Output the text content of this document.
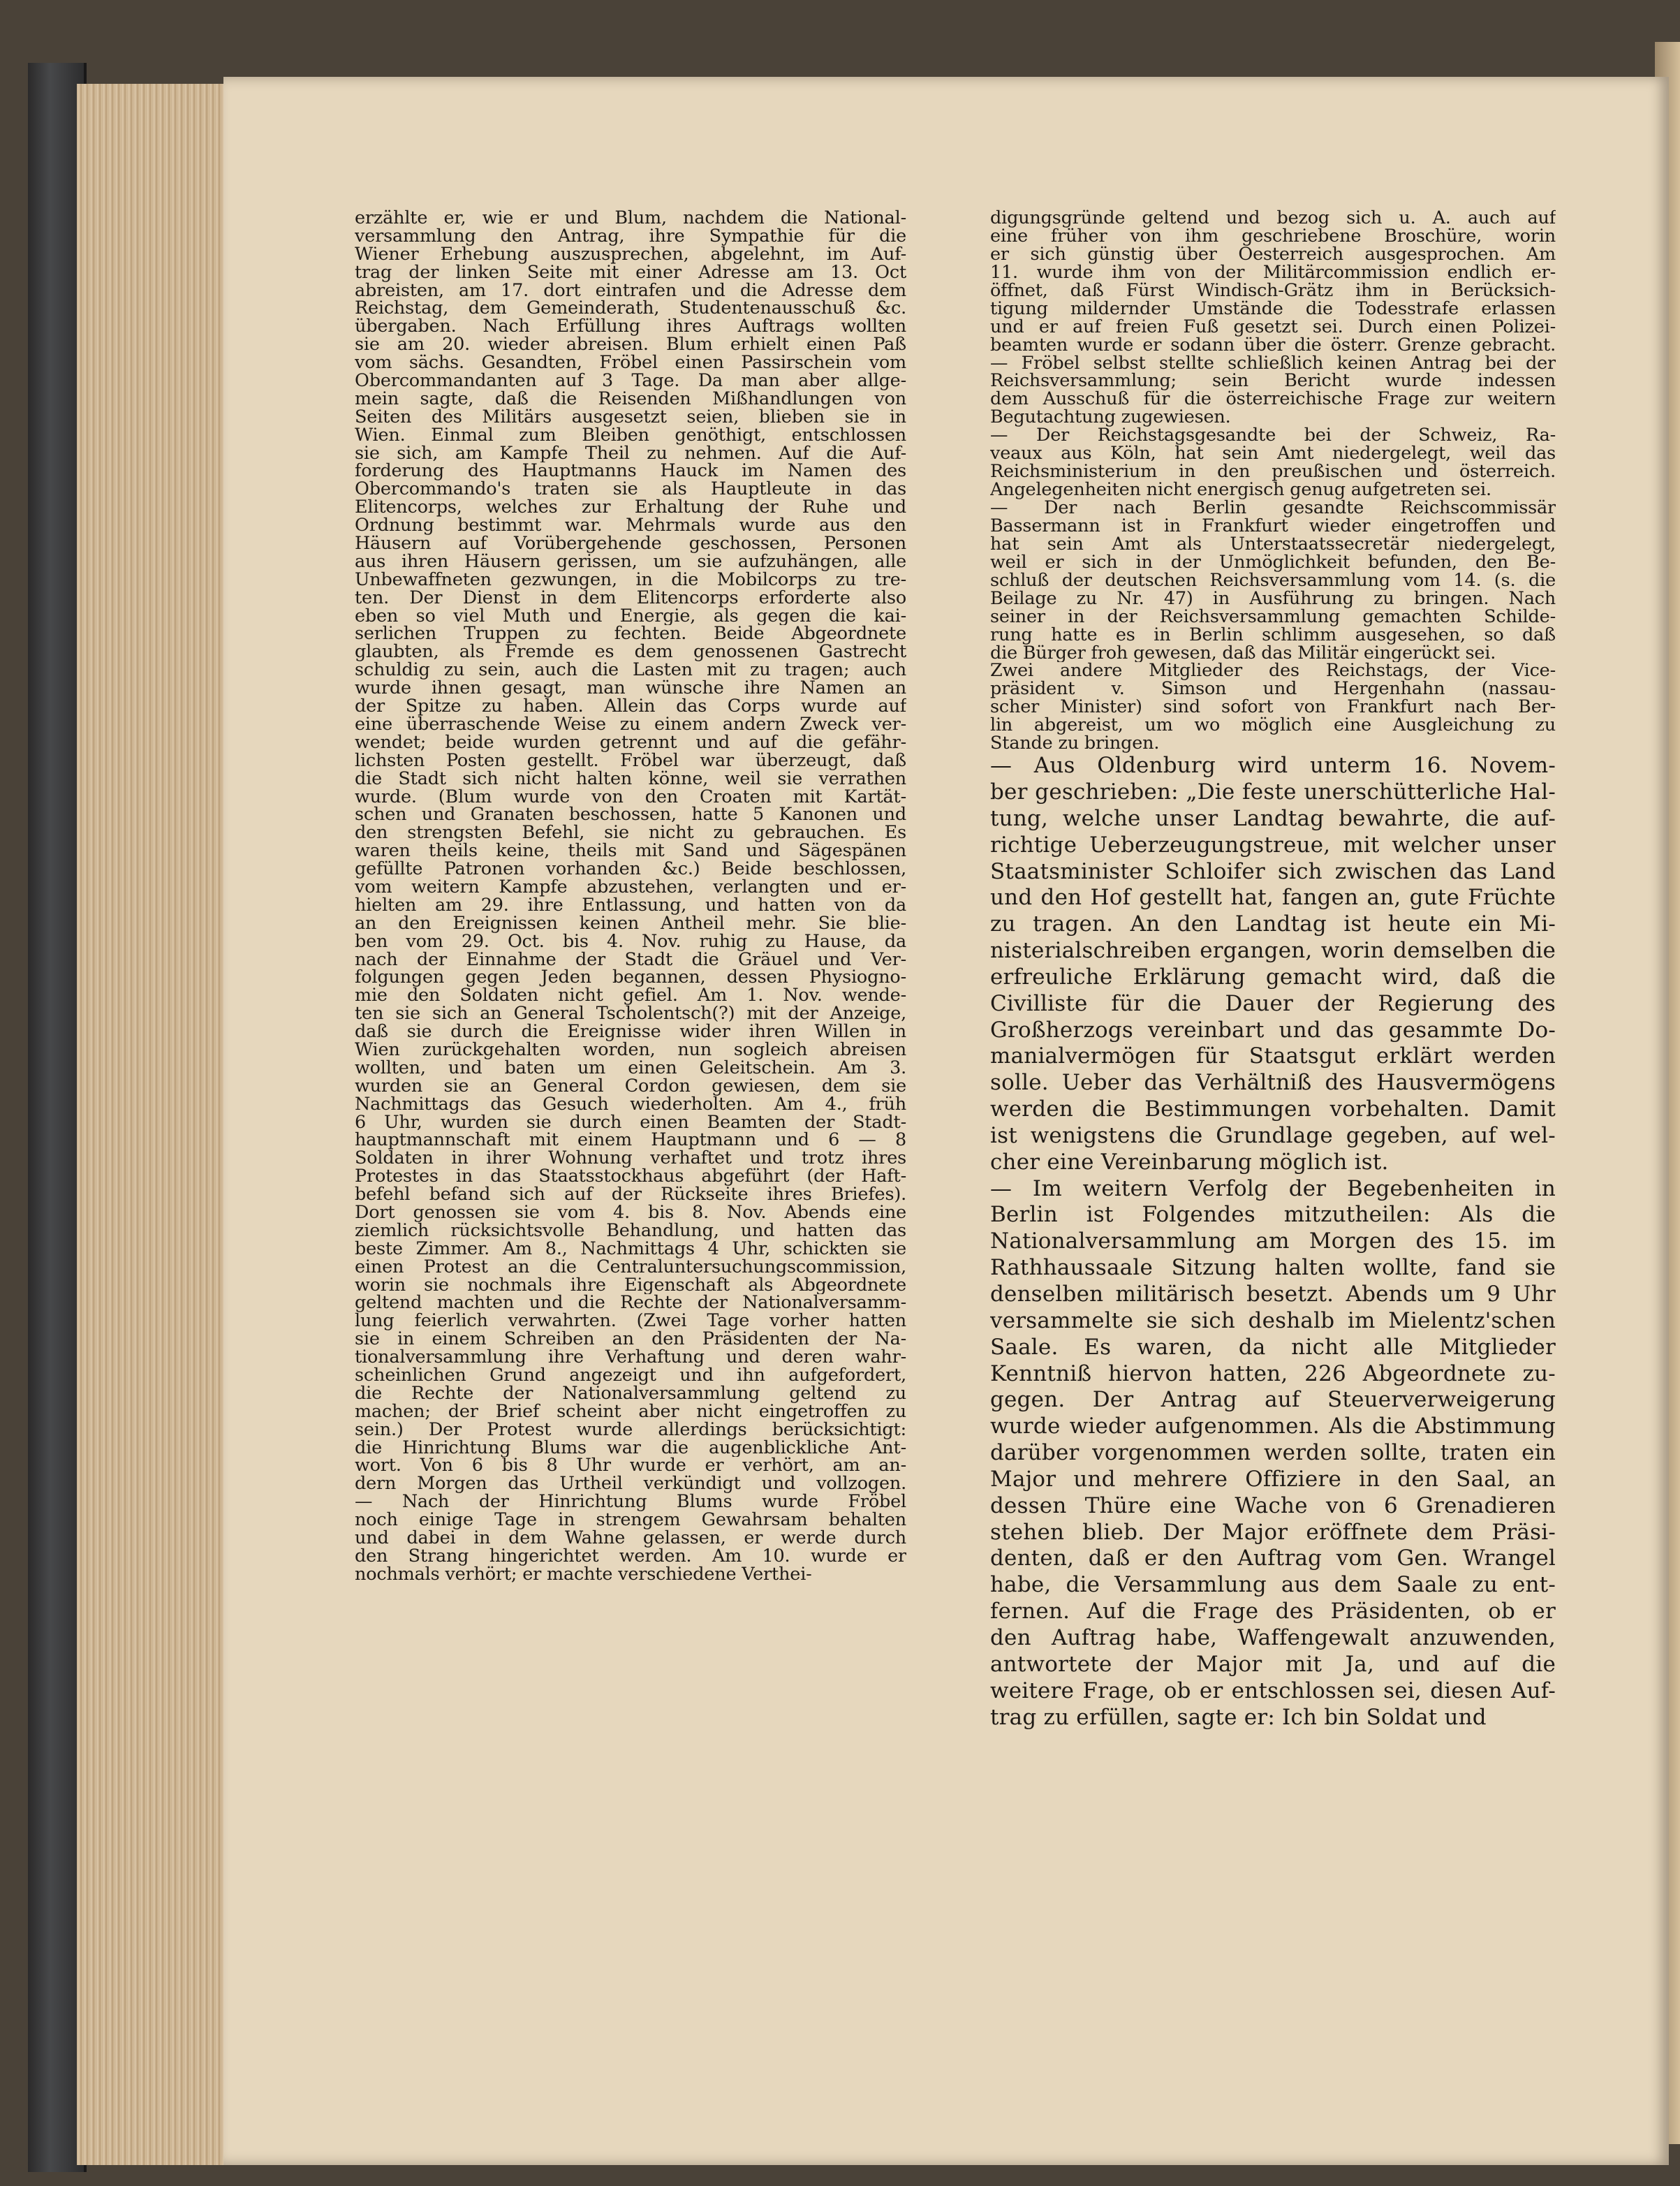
erzählte er, wie er und Blum, nachdem die National-
versammlung den Antrag, ihre Sympathie für die
Wiener Erhebung auszusprechen, abgelehnt, im Auf-
trag der linken Seite mit einer Adresse am 13. Oct
abreisten, am 17. dort eintrafen und die Adresse dem
Reichstag, dem Gemeinderath, Studentenausschuß &c.
übergaben. Nach Erfüllung ihres Auftrags wollten
sie am 20. wieder abreisen. Blum erhielt einen Paß
vom sächs. Gesandten, Fröbel einen Passirschein vom
Obercommandanten auf 3 Tage. Da man aber allge-
mein sagte, daß die Reisenden Mißhandlungen von
Seiten des Militärs ausgesetzt seien, blieben sie in
Wien. Einmal zum Bleiben genöthigt, entschlossen
sie sich, am Kampfe Theil zu nehmen. Auf die Auf-
forderung des Hauptmanns Hauck im Namen des
Obercommando's traten sie als Hauptleute in das
Elitencorps, welches zur Erhaltung der Ruhe und
Ordnung bestimmt war. Mehrmals wurde aus den
Häusern auf Vorübergehende geschossen, Personen
aus ihren Häusern gerissen, um sie aufzuhängen, alle
Unbewaffneten gezwungen, in die Mobilcorps zu tre-
ten. Der Dienst in dem Elitencorps erforderte also
eben so viel Muth und Energie, als gegen die kai-
serlichen Truppen zu fechten. Beide Abgeordnete
glaubten, als Fremde es dem genossenen Gastrecht
schuldig zu sein, auch die Lasten mit zu tragen; auch
wurde ihnen gesagt, man wünsche ihre Namen an
der Spitze zu haben. Allein das Corps wurde auf
eine überraschende Weise zu einem andern Zweck ver-
wendet; beide wurden getrennt und auf die gefähr-
lichsten Posten gestellt. Fröbel war überzeugt, daß
die Stadt sich nicht halten könne, weil sie verrathen
wurde. (Blum wurde von den Croaten mit Kartät-
schen und Granaten beschossen, hatte 5 Kanonen und
den strengsten Befehl, sie nicht zu gebrauchen. Es
waren theils keine, theils mit Sand und Sägespänen
gefüllte Patronen vorhanden &c.) Beide beschlossen,
vom weitern Kampfe abzustehen, verlangten und er-
hielten am 29. ihre Entlassung, und hatten von da
an den Ereignissen keinen Antheil mehr. Sie blie-
ben vom 29. Oct. bis 4. Nov. ruhig zu Hause, da
nach der Einnahme der Stadt die Gräuel und Ver-
folgungen gegen Jeden begannen, dessen Physiogno-
mie den Soldaten nicht gefiel. Am 1. Nov. wende-
ten sie sich an General Tscholentsch(?) mit der Anzeige,
daß sie durch die Ereignisse wider ihren Willen in
Wien zurückgehalten worden, nun sogleich abreisen
wollten, und baten um einen Geleitschein. Am 3.
wurden sie an General Cordon gewiesen, dem sie
Nachmittags das Gesuch wiederholten. Am 4., früh
6 Uhr, wurden sie durch einen Beamten der Stadt-
hauptmannschaft mit einem Hauptmann und 6 — 8
Soldaten in ihrer Wohnung verhaftet und trotz ihres
Protestes in das Staatsstockhaus abgeführt (der Haft-
befehl befand sich auf der Rückseite ihres Briefes).
Dort genossen sie vom 4. bis 8. Nov. Abends eine
ziemlich rücksichtsvolle Behandlung, und hatten das
beste Zimmer. Am 8., Nachmittags 4 Uhr, schickten sie
einen Protest an die Centraluntersuchungscommission,
worin sie nochmals ihre Eigenschaft als Abgeordnete
geltend machten und die Rechte der Nationalversamm-
lung feierlich verwahrten. (Zwei Tage vorher hatten
sie in einem Schreiben an den Präsidenten der Na-
tionalversammlung ihre Verhaftung und deren wahr-
scheinlichen Grund angezeigt und ihn aufgefordert,
die Rechte der Nationalversammlung geltend zu
machen; der Brief scheint aber nicht eingetroffen zu
sein.) Der Protest wurde allerdings berücksichtigt:
die Hinrichtung Blums war die augenblickliche Ant-
wort. Von 6 bis 8 Uhr wurde er verhört, am an-
dern Morgen das Urtheil verkündigt und vollzogen.
— Nach der Hinrichtung Blums wurde Fröbel
noch einige Tage in strengem Gewahrsam behalten
und dabei in dem Wahne gelassen, er werde durch
den Strang hingerichtet werden. Am 10. wurde er
nochmals verhört; er machte verschiedene Verthei-
digungsgründe geltend und bezog sich u. A. auch auf
eine früher von ihm geschriebene Broschüre, worin
er sich günstig über Oesterreich ausgesprochen. Am
11. wurde ihm von der Militärcommission endlich er-
öffnet, daß Fürst Windisch-Grätz ihm in Berücksich-
tigung mildernder Umstände die Todesstrafe erlassen
und er auf freien Fuß gesetzt sei. Durch einen Polizei-
beamten wurde er sodann über die österr. Grenze gebracht.
— Fröbel selbst stellte schließlich keinen Antrag bei der
Reichsversammlung; sein Bericht wurde indessen
dem Ausschuß für die österreichische Frage zur weitern
Begutachtung zugewiesen.
— Der Reichstagsgesandte bei der Schweiz, Ra-
veaux aus Köln, hat sein Amt niedergelegt, weil das
Reichsministerium in den preußischen und österreich.
Angelegenheiten nicht energisch genug aufgetreten sei.
— Der nach Berlin gesandte Reichscommissär
Bassermann ist in Frankfurt wieder eingetroffen und
hat sein Amt als Unterstaatssecretär niedergelegt,
weil er sich in der Unmöglichkeit befunden, den Be-
schluß der deutschen Reichsversammlung vom 14. (s. die
Beilage zu Nr. 47) in Ausführung zu bringen. Nach
seiner in der Reichsversammlung gemachten Schilde-
rung hatte es in Berlin schlimm ausgesehen, so daß
die Bürger froh gewesen, daß das Militär eingerückt sei.
Zwei andere Mitglieder des Reichstags, der Vice-
präsident v. Simson und Hergenhahn (nassau-
scher Minister) sind sofort von Frankfurt nach Ber-
lin abgereist, um wo möglich eine Ausgleichung zu
Stande zu bringen.
— Aus Oldenburg wird unterm 16. Novem-
ber geschrieben: „Die feste unerschütterliche Hal-
tung, welche unser Landtag bewahrte, die auf-
richtige Ueberzeugungstreue, mit welcher unser
Staatsminister Schloifer sich zwischen das Land
und den Hof gestellt hat, fangen an, gute Früchte
zu tragen. An den Landtag ist heute ein Mi-
nisterialschreiben ergangen, worin demselben die
erfreuliche Erklärung gemacht wird, daß die
Civilliste für die Dauer der Regierung des
Großherzogs vereinbart und das gesammte Do-
manialvermögen für Staatsgut erklärt werden
solle. Ueber das Verhältniß des Hausvermögens
werden die Bestimmungen vorbehalten. Damit
ist wenigstens die Grundlage gegeben, auf wel-
cher eine Vereinbarung möglich ist.
— Im weitern Verfolg der Begebenheiten in
Berlin ist Folgendes mitzutheilen: Als die
Nationalversammlung am Morgen des 15. im
Rathhaussaale Sitzung halten wollte, fand sie
denselben militärisch besetzt. Abends um 9 Uhr
versammelte sie sich deshalb im Mielentz'schen
Saale. Es waren, da nicht alle Mitglieder
Kenntniß hiervon hatten, 226 Abgeordnete zu-
gegen. Der Antrag auf Steuerverweigerung
wurde wieder aufgenommen. Als die Abstimmung
darüber vorgenommen werden sollte, traten ein
Major und mehrere Offiziere in den Saal, an
dessen Thüre eine Wache von 6 Grenadieren
stehen blieb. Der Major eröffnete dem Präsi-
denten, daß er den Auftrag vom Gen. Wrangel
habe, die Versammlung aus dem Saale zu ent-
fernen. Auf die Frage des Präsidenten, ob er
den Auftrag habe, Waffengewalt anzuwenden,
antwortete der Major mit Ja, und auf die
weitere Frage, ob er entschlossen sei, diesen Auf-
trag zu erfüllen, sagte er: Ich bin Soldat und
